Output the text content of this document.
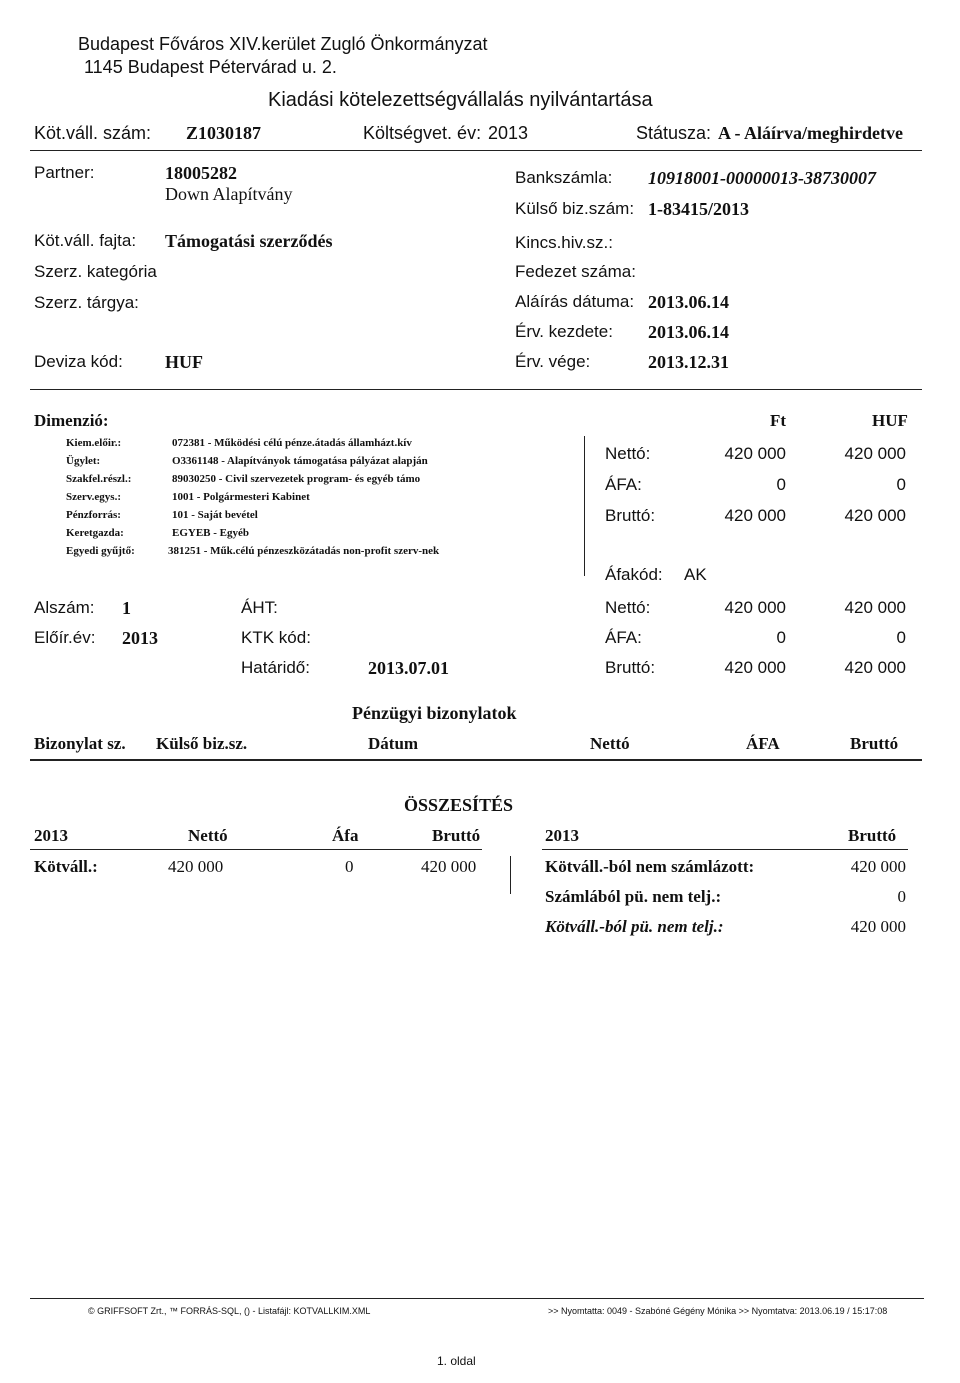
Budapest Főváros XIV.kerület Zugló Önkormányzat
1145 Budapest Pétervárad u. 2.
Kiadási kötelezettségvállalás nyilvántartása
Köt.váll. szám: Z1030187	Költségvet. év: 2013	Státusza: A - Aláírva/meghirdetve
Partner:	18005282
Down Alapítvány
Bankszámla: 10918001-00000013-38730007
Külső biz.szám: 1-83415/2013
Köt.váll. fajta: Támogatási szerződés	Kincs.hiv.sz.:
Szerz. kategória	Fedezet száma:
Szerz. tárgya:	Aláírás dátuma: 2013.06.14
Érv. kezdete: 2013.06.14
Deviza kód: HUF	Érv. vége:	2013.12.31
Dimenzió:	Ft	HUF
Kiem.előir.:	072381 - Működési célú pénze.átadás államházt.kív
Ügylet:	O3361148 - Alapítványok támogatása pályázat alapján
Szakfel.részl.:	89030250 - Civil szervezetek program- és egyéb támo
Szerv.egys.:	1001 - Polgármesteri Kabinet
Pénzforrás:	101 - Saját bevétel
Keretgazda:	EGYEB - Egyéb
Egyedi gyűjtő:	381251 - Műk.célú pénzeszközátadás non-profit szerv-nek
Nettó:	420 000	420 000
ÁFA:	0	0
Bruttó:	420 000	420 000
Áfakód: AK
Alszám: 1	ÁHT:
Előír.év: 2013	KTK kód:
Határidő:	2013.07.01
Nettó:	420 000	420 000
ÁFA:	0	0
Bruttó:	420 000	420 000
Pénzügyi bizonylatok
Bizonylat sz. Külső biz.sz.	Dátum	Nettó	ÁFA	Bruttó
ÖSSZESÍTÉS
2013	Nettó	Áfa	Bruttó
Kötváll.:	420 000	0	420 000
2013	Bruttó
Kötváll.-ból nem számlázott:	420 000
Számlából pü. nem telj.:	0
Kötváll.-ból pü. nem telj.:	420 000
© GRIFFSOFT Zrt., ™ FORRÁS-SQL, () - Listafájl: KOTVALLKIM.XML	>> Nyomtatta: 0049 - Szabóné Gégény Mónika >> Nyomtatva: 2013.06.19 / 15:17:08
1. oldal
